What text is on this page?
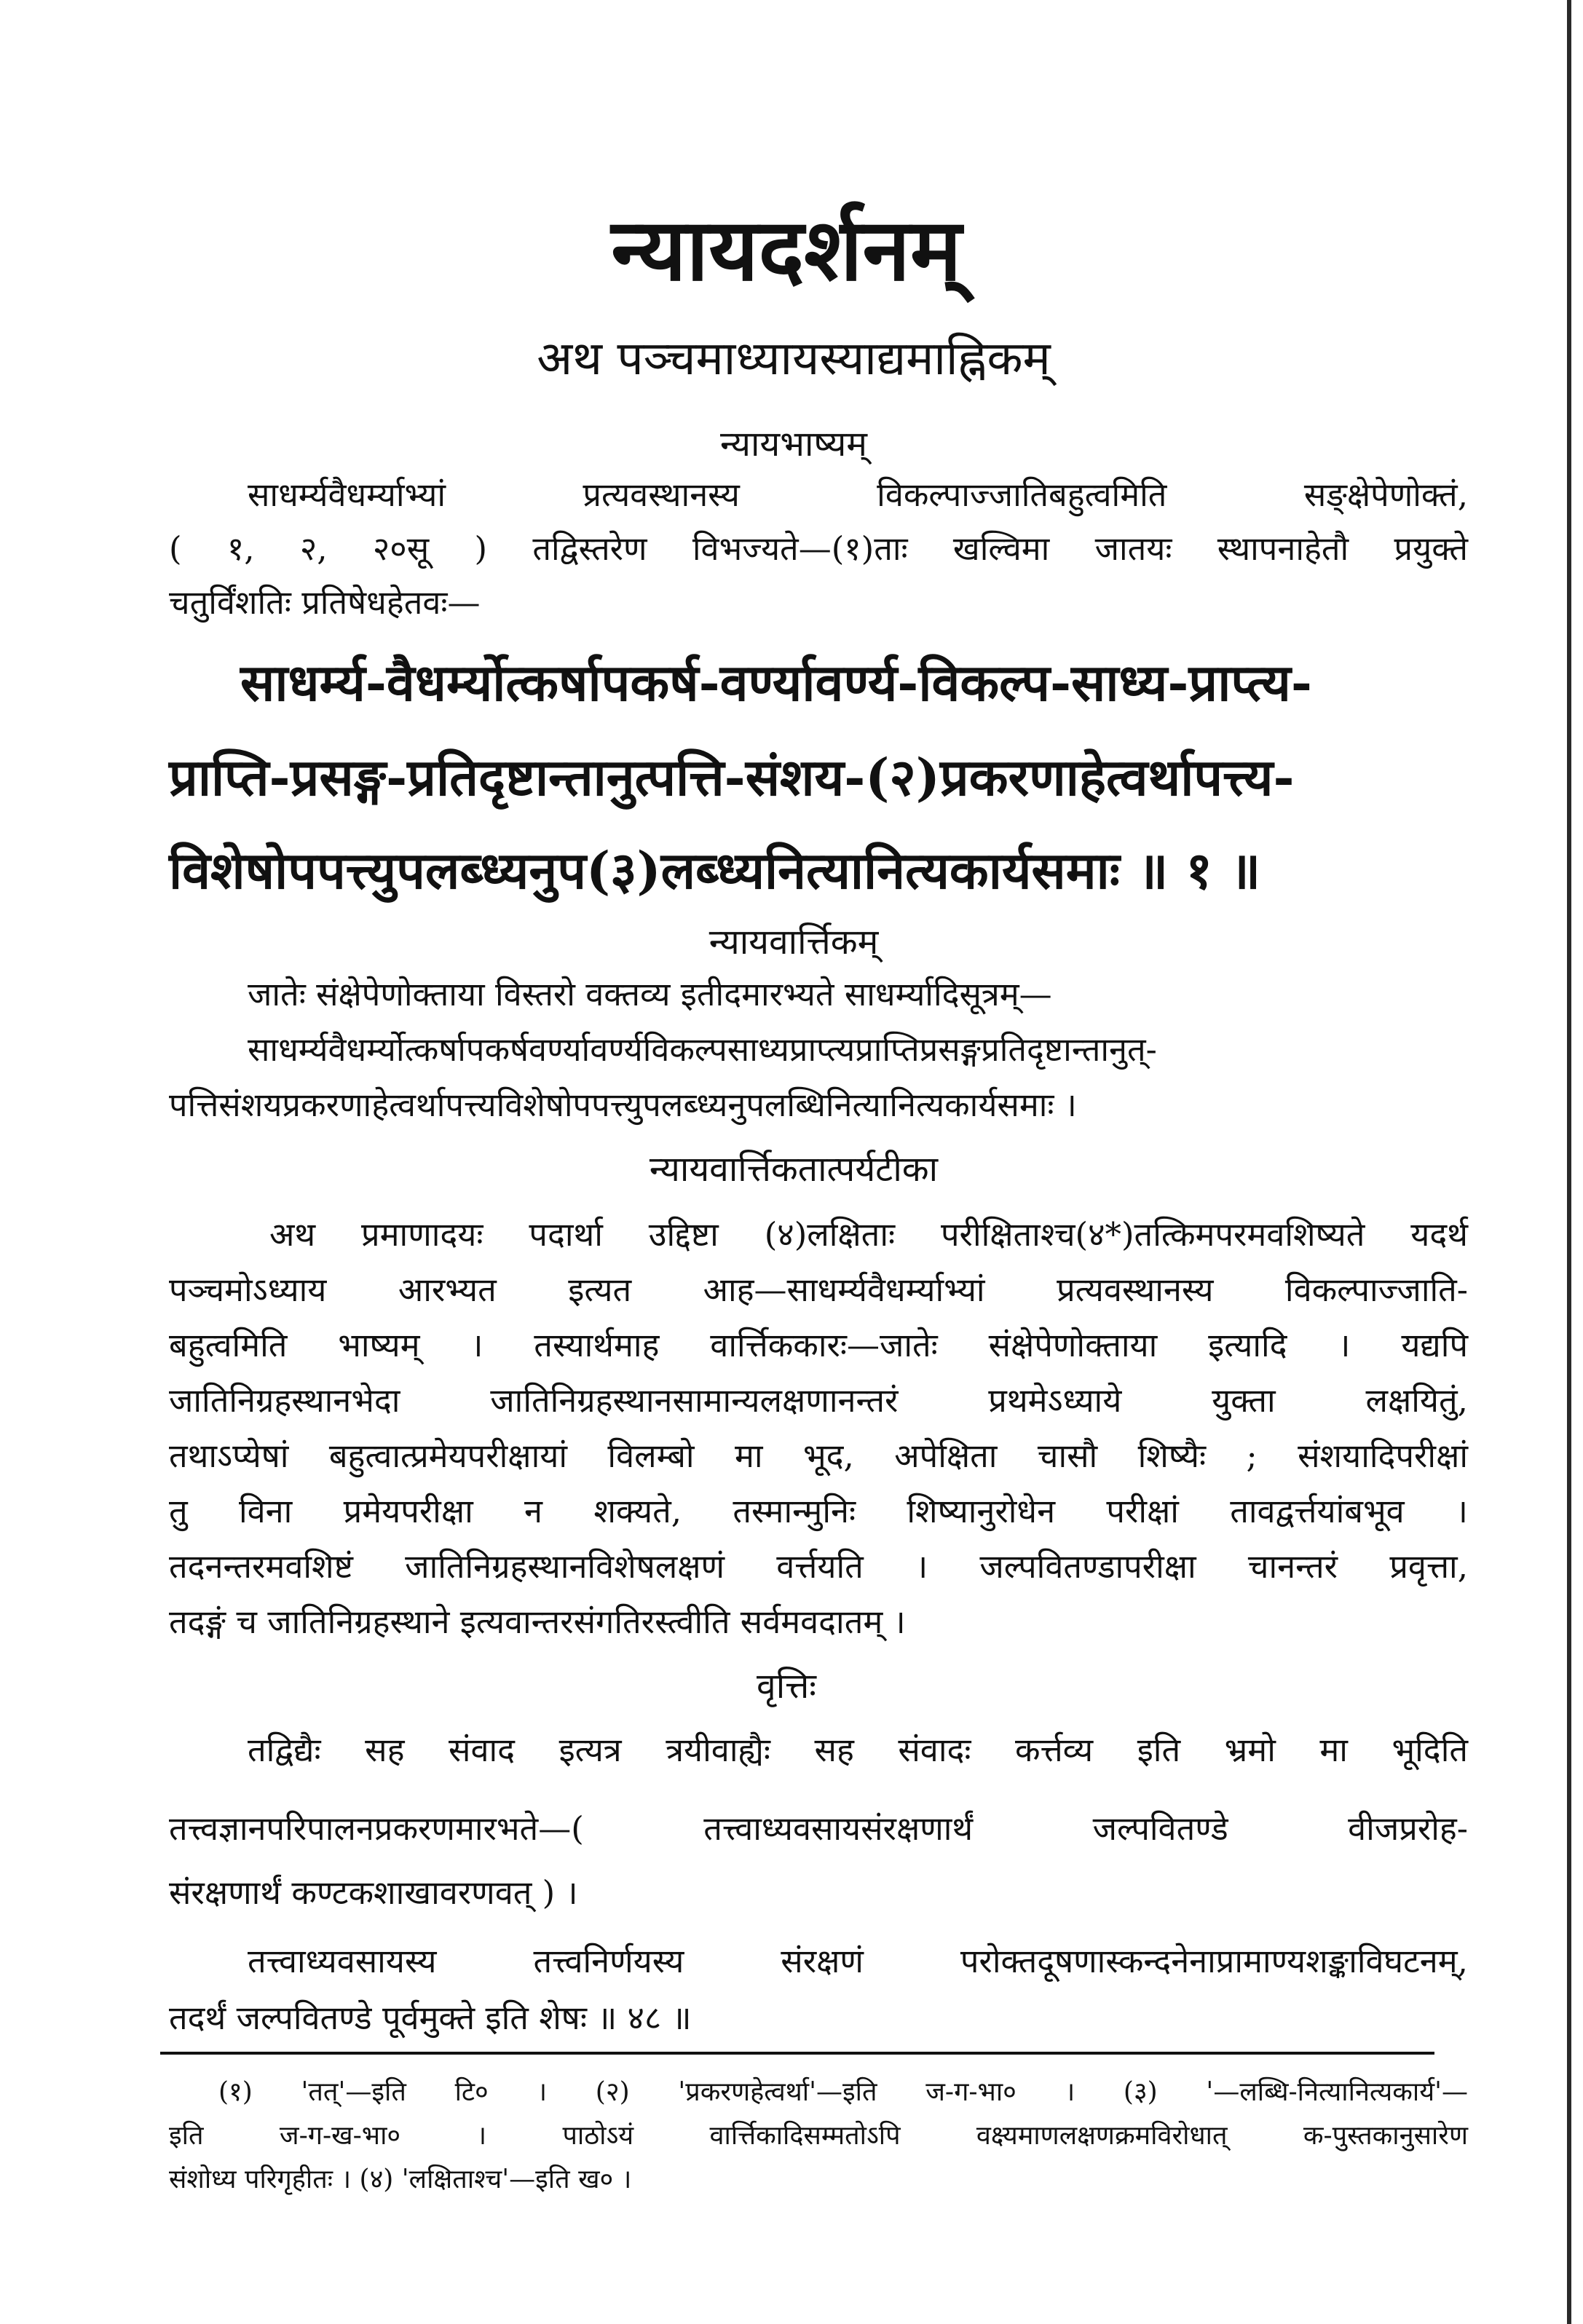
न्यायदर्शनम्
अथ पञ्चमाध्यायस्याद्यमाह्निकम्
न्यायभाष्यम्
साधर्म्यवैधर्म्याभ्यां प्रत्यवस्थानस्य विकल्पाज्जातिबहुत्वमिति सङ्क्षेपेणोक्तं,
( १, २, २०सू ) तद्विस्तरेण विभज्यते—(१)ताः खल्विमा जातयः स्थापनाहेतौ प्रयुक्ते
चतुर्विंशतिः प्रतिषेधहेतवः—
साधर्म्य-वैधर्म्योत्कर्षापकर्ष-वर्ण्यावर्ण्य-विकल्प-साध्य-प्राप्त्य-
प्राप्ति-प्रसङ्ग-प्रतिदृष्टान्तानुत्पत्ति-संशय-(२)प्रकरणाहेत्वर्थापत्त्य-
विशेषोपपत्त्युपलब्ध्यनुप(३)लब्ध्यनित्यानित्यकार्यसमाः ॥ १ ॥
न्यायवार्त्तिकम्
जातेः संक्षेपेणोक्ताया विस्तरो वक्तव्य इतीदमारभ्यते साधर्म्यादिसूत्रम्—
साधर्म्यवैधर्म्योत्कर्षापकर्षवर्ण्यावर्ण्यविकल्पसाध्यप्राप्त्यप्राप्तिप्रसङ्गप्रतिदृष्टान्तानुत्-
पत्तिसंशयप्रकरणाहेत्वर्थापत्त्यविशेषोपपत्त्युपलब्ध्यनुपलब्धिनित्यानित्यकार्यसमाः ।
न्यायवार्त्तिकतात्पर्यटीका
अथ प्रमाणादयः पदार्था उद्दिष्टा (४)लक्षिताः परीक्षिताश्च(४*)तत्किमपरमवशिष्यते यदर्थ
पञ्चमोऽध्याय आरभ्यत इत्यत आह—साधर्म्यवैधर्म्याभ्यां प्रत्यवस्थानस्य विकल्पाज्जाति-
बहुत्वमिति भाष्यम् । तस्यार्थमाह वार्त्तिककारः—जातेः संक्षेपेणोक्ताया इत्यादि । यद्यपि
जातिनिग्रहस्थानभेदा जातिनिग्रहस्थानसामान्यलक्षणानन्तरं प्रथमेऽध्याये युक्ता लक्षयितुं,
तथाऽप्येषां बहुत्वात्प्रमेयपरीक्षायां विलम्बो मा भूद, अपेक्षिता चासौ शिष्यैः ; संशयादिपरीक्षां
तु विना प्रमेयपरीक्षा न शक्यते, तस्मान्मुनिः शिष्यानुरोधेन परीक्षां तावद्वर्त्तयांबभूव ।
तदनन्तरमवशिष्टं जातिनिग्रहस्थानविशेषलक्षणं वर्त्तयति । जल्पवितण्डापरीक्षा चानन्तरं प्रवृत्ता,
तदङ्गं च जातिनिग्रहस्थाने इत्यवान्तरसंगतिरस्त्वीति सर्वमवदातम् ।
वृत्तिः
तद्विद्यैः सह संवाद इत्यत्र त्रयीवाह्यैः सह संवादः कर्त्तव्य इति भ्रमो मा भूदिति
तत्त्वज्ञानपरिपालनप्रकरणमारभते—( तत्त्वाध्यवसायसंरक्षणार्थं जल्पवितण्डे वीजप्ररोह-
संरक्षणार्थं कण्टकशाखावरणवत् ) ।
तत्त्वाध्यवसायस्य तत्त्वनिर्णयस्य संरक्षणं परोक्तदूषणास्कन्दनेनाप्रामाण्यशङ्काविघटनम्,
तदर्थं जल्पवितण्डे पूर्वमुक्ते इति शेषः ॥ ४८ ॥
(१) 'तत्'—इति टि० । (२) 'प्रकरणहेत्वर्था'—इति ज-ग-भा० । (३) '—लब्धि-नित्यानित्यकार्य'—
इति ज-ग-ख-भा० । पाठोऽयं वार्त्तिकादिसम्मतोऽपि वक्ष्यमाणलक्षणक्रमविरोधात् क-पुस्तकानुसारेण
संशोध्य परिगृहीतः । (४) 'लक्षिताश्च'—इति ख० ।
